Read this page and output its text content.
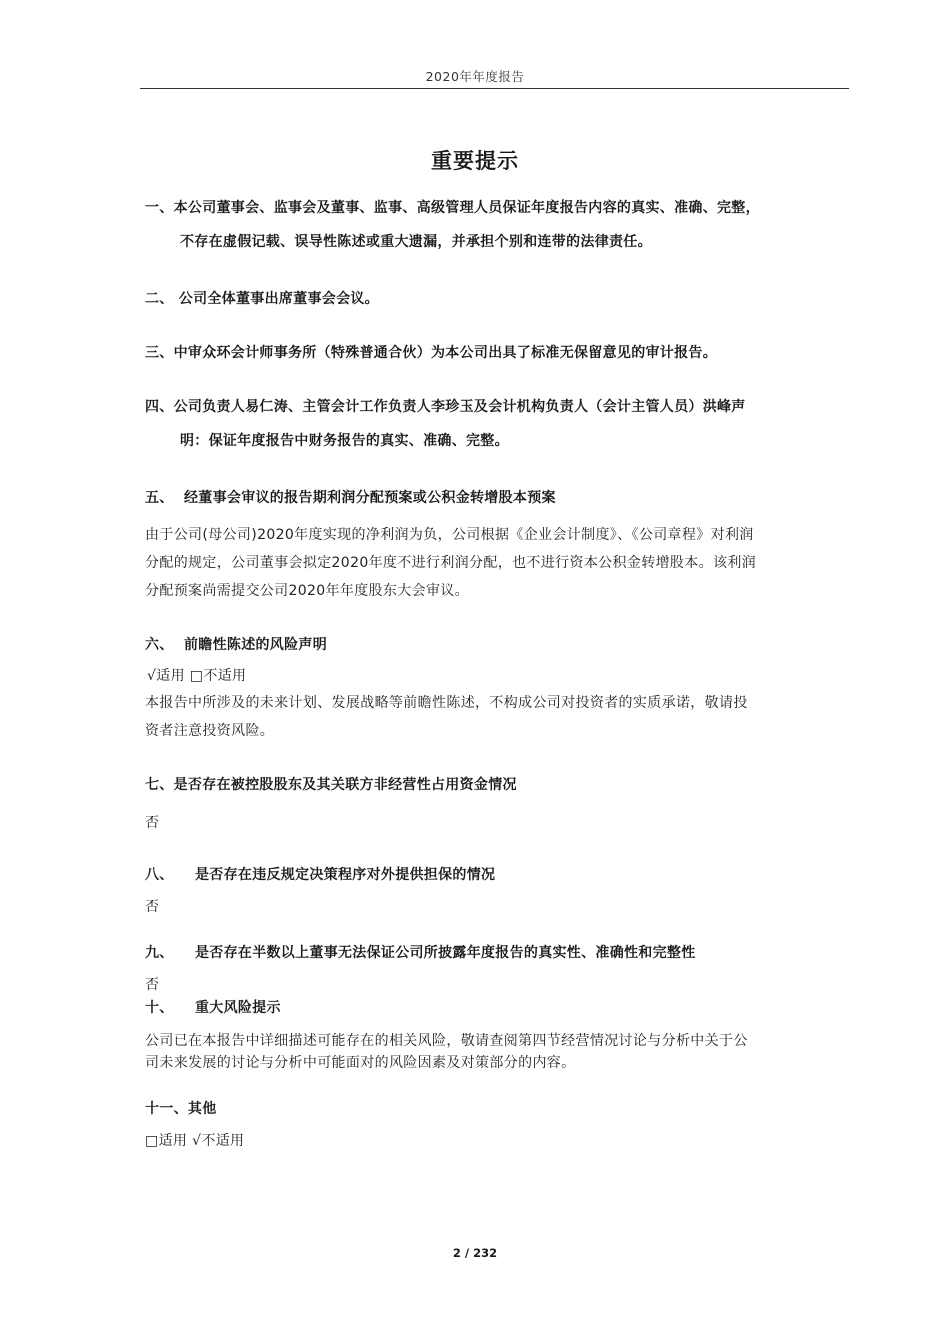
2020年年度报告
重要提示
一、本公司董事会、监事会及董事、监事、高级管理人员保证年度报告内容的真实、准确、完整，
不存在虚假记载、误导性陈述或重大遗漏，并承担个别和连带的法律责任。
二、 公司全体董事出席董事会会议。
三、中审众环会计师事务所（特殊普通合伙）为本公司出具了标准无保留意见的审计报告。
四、公司负责人易仁涛、主管会计工作负责人李珍玉及会计机构负责人（会计主管人员）洪峰声
明：保证年度报告中财务报告的真实、准确、完整。
五、 经董事会审议的报告期利润分配预案或公积金转增股本预案
由于公司(母公司)2020年度实现的净利润为负，公司根据《企业会计制度》、《公司章程》对利润
分配的规定，公司董事会拟定2020年度不进行利润分配，也不进行资本公积金转增股本。该利润
分配预案尚需提交公司2020年年度股东大会审议。
六、 前瞻性陈述的风险声明
√适用 □不适用
本报告中所涉及的未来计划、发展战略等前瞻性陈述，不构成公司对投资者的实质承诺，敬请投
资者注意投资风险。
七、是否存在被控股股东及其关联方非经营性占用资金情况
否
八、 是否存在违反规定决策程序对外提供担保的情况
否
九、 是否存在半数以上董事无法保证公司所披露年度报告的真实性、准确性和完整性
否
十、 重大风险提示
公司已在本报告中详细描述可能存在的相关风险，敬请查阅第四节经营情况讨论与分析中关于公
司未来发展的讨论与分析中可能面对的风险因素及对策部分的内容。
十一、其他
□适用 √不适用
2 / 232
